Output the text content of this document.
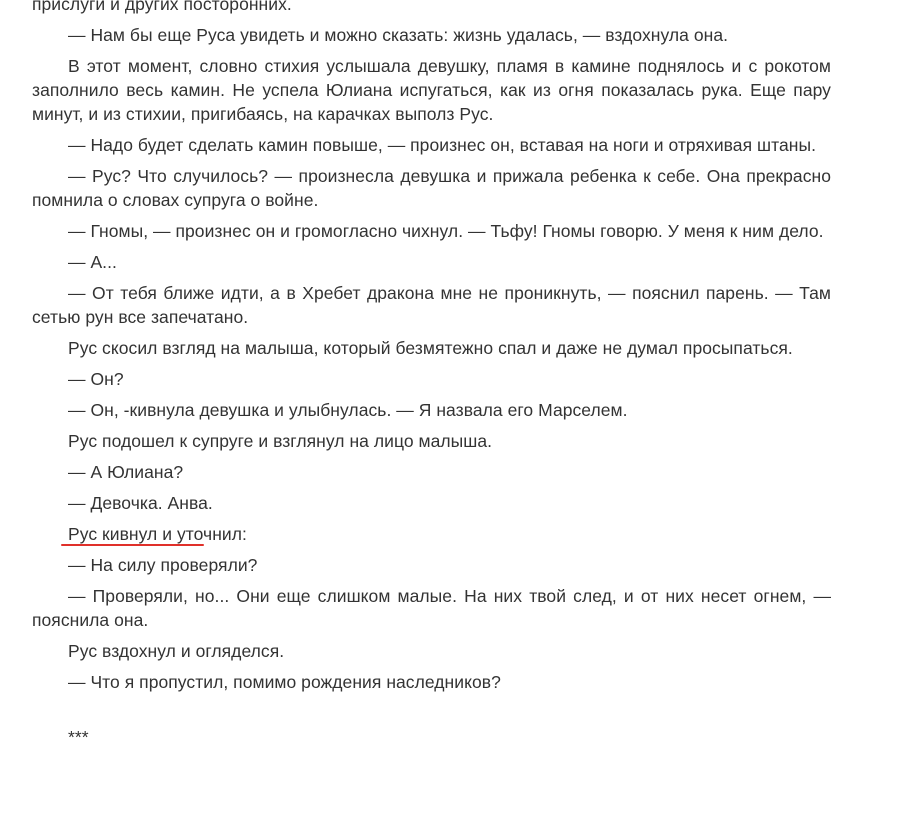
прислуги и других посторонних.

— Нам бы еще Руса увидеть и можно сказать: жизнь удалась, — вздохнула она.

В этот момент, словно стихия услышала девушку, пламя в камине поднялось и с рокотом заполнило весь камин. Не успела Юлиана испугаться, как из огня показалась рука. Еще пару минут, и из стихии, пригибаясь, на карачках выполз Рус.

— Надо будет сделать камин повыше, — произнес он, вставая на ноги и отряхивая штаны.

— Рус? Что случилось? — произнесла девушка и прижала ребенка к себе. Она прекрасно помнила о словах супруга о войне.

— Гномы, — произнес он и громогласно чихнул. — Тьфу! Гномы говорю. У меня к ним дело.

— А...

— От тебя ближе идти, а в Хребет дракона мне не проникнуть, — пояснил парень. — Там сетью рун все запечатано.

Рус скосил взгляд на малыша, который безмятежно спал и даже не думал просыпаться.

— Он?

— Он, -кивнула девушка и улыбнулась. — Я назвала его Марселем.

Рус подошел к супруге и взглянул на лицо малыша.

— А Юлиана?

— Девочка. Анва.

Рус кивнул и уточнил:

— На силу проверяли?

— Проверяли, но... Они еще слишком малые. На них твой след, и от них несет огнем, — пояснила она.

Рус вздохнул и огляделся.

— Что я пропустил, помимо рождения наследников?

***
